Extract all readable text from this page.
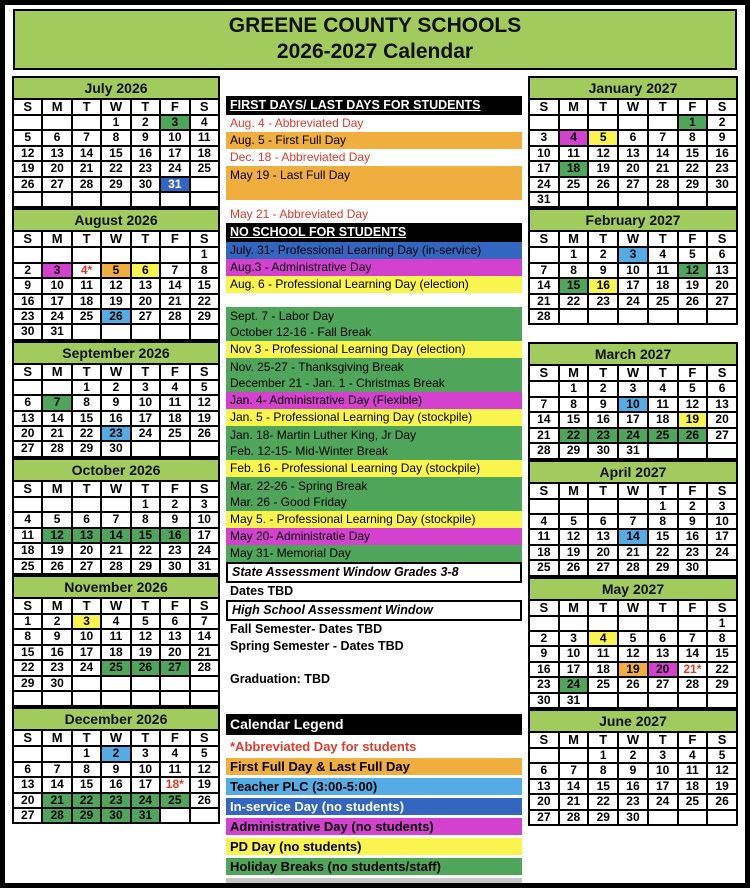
GREENE COUNTY SCHOOLS
2026-2027 Calendar
July 2026
S	M	T	W	T	F	S
			1	2	3	4
5	6	7	8	9	10	11
12	13	14	15	16	17	18
19	20	21	22	23	24	25
26	27	28	29	30	31	

August 2026
S	M	T	W	T	F	S
						1
2	3	4*	5	6	7	8
9	10	11	12	13	14	15
16	17	18	19	20	21	22
23	24	25	26	27	28	29
30	31					
September 2026
S	M	T	W	T	F	S
		1	2	3	4	5
6	7	8	9	10	11	12
13	14	15	16	17	18	19
20	21	22	23	24	25	26
27	28	29	30			
October 2026
S	M	T	W	T	F	S
				1	2	3
4	5	6	7	8	9	10
11	12	13	14	15	16	17
18	19	20	21	22	23	24
25	26	27	28	29	30	31
November 2026
S	M	T	W	T	F	S
1	2	3	4	5	6	7
8	9	10	11	12	13	14
15	16	17	18	19	20	21
22	23	24	25	26	27	28
29	30					

December 2026
S	M	T	W	T	F	S
		1	2	3	4	5
6	7	8	9	10	11	12
13	14	15	16	17	18*	19
20	21	22	23	24	25	26
27	28	29	30	31		
FIRST DAYS/ LAST DAYS FOR STUDENTS
Aug. 4 - Abbreviated Day
Aug. 5 - First Full Day
Dec. 18 - Abbreviated Day
May 19 - Last Full Day

May 21 - Abbreviated Day
NO SCHOOL FOR STUDENTS
July. 31- Professional Learning Day (in-service)
Aug.3 - Administrative Day
Aug. 6 - Professional Learning Day (election)
Sept. 7 - Labor Day
October 12-16 - Fall Break
Nov 3 - Professional Learning Day (election)
Nov. 25-27 - Thanksgiving Break
December 21 - Jan. 1 - Christmas Break
Jan. 4- Administrative Day (Flexible)
Jan. 5 - Professional Learning Day (stockpile)
Jan. 18- Martin Luther King, Jr Day
Feb. 12-15- Mid-Winter Break
Feb. 16 - Professional Learning Day (stockpile)
Mar. 22-26 - Spring Break
Mar. 26 - Good Friday
May 5. - Professional Learning Day (stockpile)
May 20- Administratie Day
May 31- Memorial Day
State Assessment Window Grades 3-8
Dates TBD
High School Assessment Window
Fall Semester- Dates TBD
Spring Semester - Dates TBD
Graduation: TBD
Calendar Legend
*Abbreviated Day for students
First Full Day & Last Full Day
Teacher PLC (3:00-5:00)
In-service Day (no students)
Administrative Day (no students)
PD Day (no students)
Holiday Breaks (no students/staff)

January 2027
S	M	T	W	T	F	S
					1	2
3	4	5	6	7	8	9
10	11	12	13	14	15	16
17	18	19	20	21	22	23
24	25	26	27	28	29	30
31						
February 2027
S	M	T	W	T	F	S
	1	2	3	4	5	6
7	8	9	10	11	12	13
14	15	16	17	18	19	20
21	22	23	24	25	26	27
28						
March 2027
S	M	T	W	T	F	S
	1	2	3	4	5	6
7	8	9	10	11	12	13
14	15	16	17	18	19	20
21	22	23	24	25	26	27
28	29	30	31			
April 2027
S	M	T	W	T	F	S
				1	2	3
4	5	6	7	8	9	10
11	12	13	14	15	16	17
18	19	20	21	22	23	24
25	26	27	28	29	30	
May 2027
S	M	T	W	T	F	S
						1
2	3	4	5	6	7	8
9	10	11	12	13	14	15
16	17	18	19	20	21*	22
23	24	25	26	27	28	29
30	31					
June 2027
S	M	T	W	T	F	S
		1	2	3	4	5
6	7	8	9	10	11	12
13	14	15	16	17	18	19
20	21	22	23	24	25	26
27	28	29	30			
